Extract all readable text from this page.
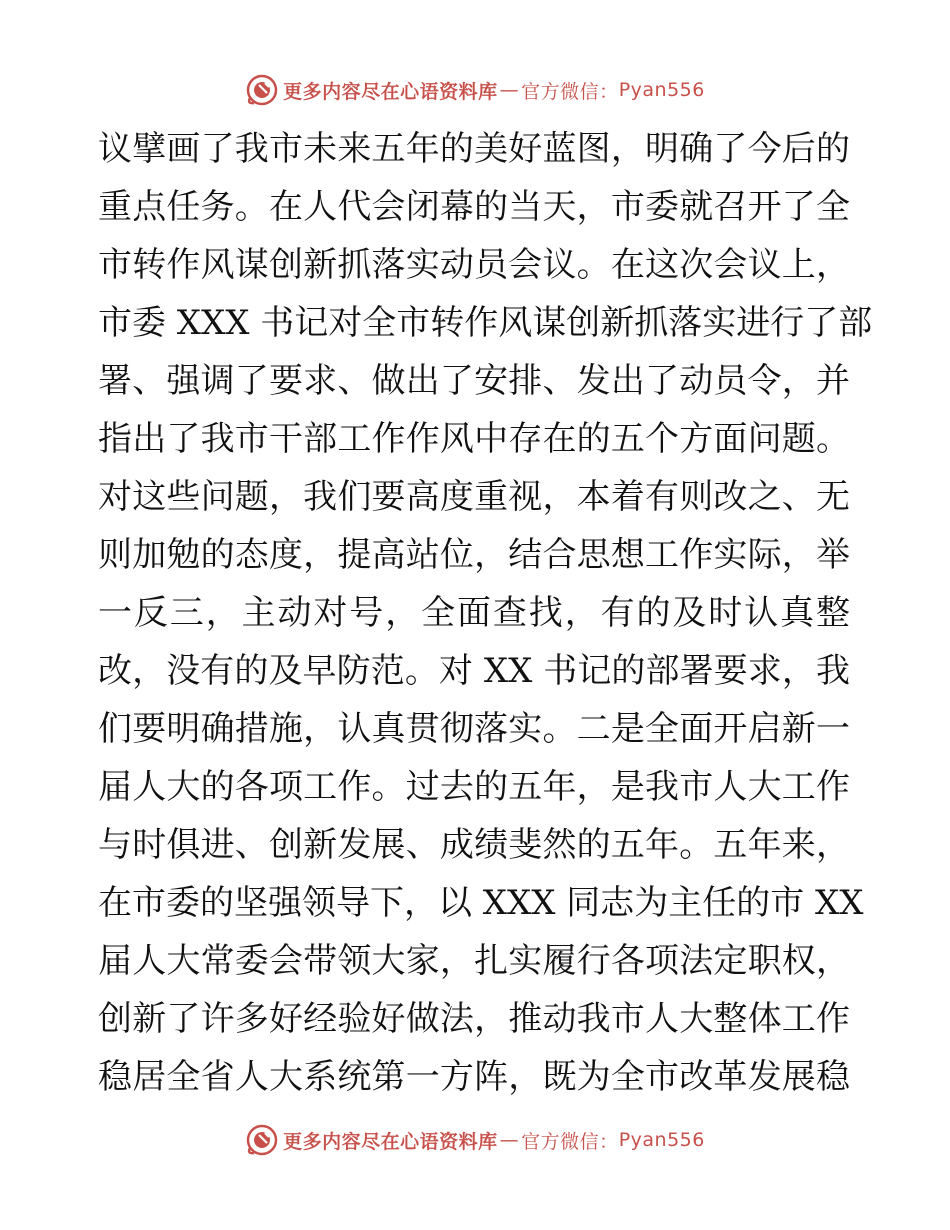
更多内容尽在心语资料库 — 官方微信： Pyan556
议擘画了我市未来五年的美好蓝图，明确了今后的
重点任务。在人代会闭幕的当天，市委就召开了全
市转作风谋创新抓落实动员会议。在这次会议上，
市委 XXX 书记对全市转作风谋创新抓落实进行了部
署、强调了要求、做出了安排、发出了动员令，并
指出了我市干部工作作风中存在的五个方面问题。
对这些问题，我们要高度重视，本着有则改之、无
则加勉的态度，提高站位，结合思想工作实际，举
一反三，主动对号，全面查找，有的及时认真整
改，没有的及早防范。对 XX 书记的部署要求，我
们要明确措施，认真贯彻落实。二是全面开启新一
届人大的各项工作。过去的五年，是我市人大工作
与时俱进、创新发展、成绩斐然的五年。五年来，
在市委的坚强领导下，以 XXX 同志为主任的市 XX
届人大常委会带领大家，扎实履行各项法定职权，
创新了许多好经验好做法，推动我市人大整体工作
稳居全省人大系统第一方阵，既为全市改革发展稳
更多内容尽在心语资料库 — 官方微信： Pyan556
